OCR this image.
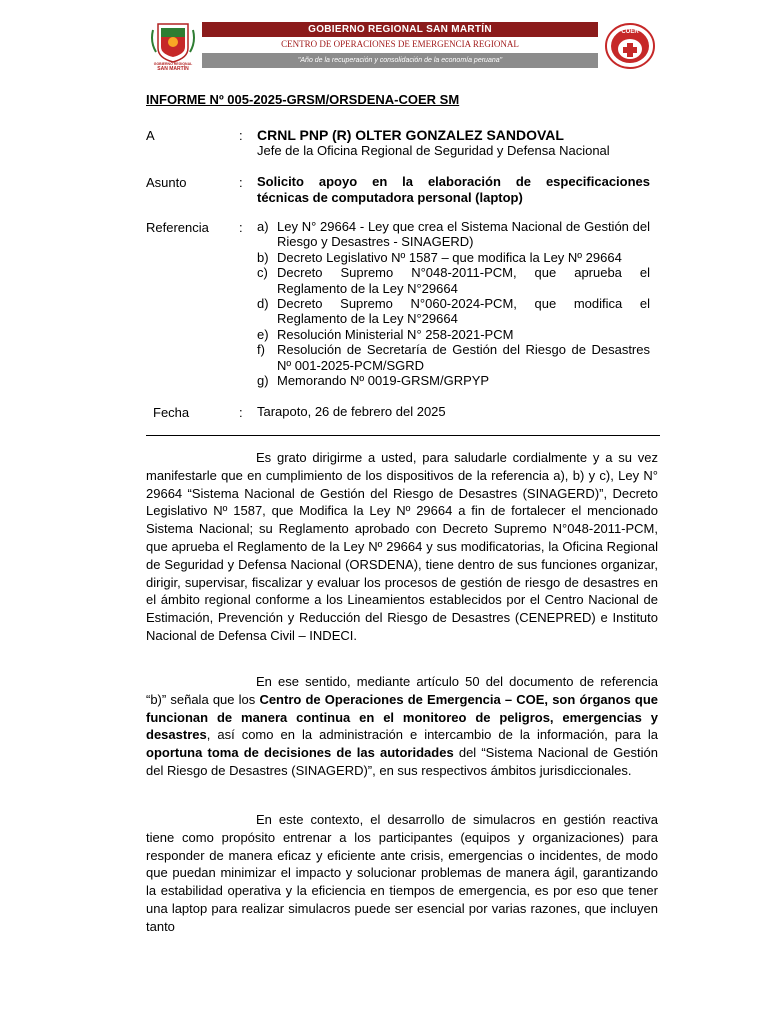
GOBIERNO REGIONAL
SAN MARTÍN
GOBIERNO REGIONAL SAN MARTÍN
CENTRO DE OPERACIONES DE EMERGENCIA REGIONAL
"Año de la recuperación y consolidación de la economía peruana"
COER
INFORME Nº 005-2025-GRSM/ORSDENA-COER SM
A	: CRNL PNP (R) OLTER GONZALEZ SANDOVAL
Jefe de la Oficina Regional de Seguridad y Defensa Nacional
Asunto	: Solicito apoyo en la elaboración de especificaciones
técnicas de computadora personal (laptop)
Referencia : a) Ley N° 29664 - Ley que crea el Sistema Nacional de Gestión del Riesgo y Desastres - SINAGERD)
b) Decreto Legislativo Nº 1587 – que modifica la Ley Nº 29664
c) Decreto Supremo N°048-2011-PCM, que aprueba el Reglamento de la Ley N°29664
d) Decreto Supremo N°060-2024-PCM, que modifica el Reglamento de la Ley N°29664
e) Resolución Ministerial N° 258-2021-PCM
f) Resolución de Secretaría de Gestión del Riesgo de Desastres Nº 001-2025-PCM/SGRD
g) Memorando Nº 0019-GRSM/GRPYP
Fecha	: Tarapoto, 26 de febrero del 2025

Es grato dirigirme a usted, para saludarle cordialmente y a su vez manifestarle que en cumplimiento de los dispositivos de la referencia a), b) y c), Ley N° 29664 “Sistema Nacional de Gestión del Riesgo de Desastres (SINAGERD)”, Decreto Legislativo Nº 1587, que Modifica la Ley Nº 29664 a fin de fortalecer el mencionado Sistema Nacional; su Reglamento aprobado con Decreto Supremo N°048-2011-PCM, que aprueba el Reglamento de la Ley Nº 29664 y sus modificatorias, la Oficina Regional de Seguridad y Defensa Nacional (ORSDENA), tiene dentro de sus funciones organizar, dirigir, supervisar, fiscalizar y evaluar los procesos de gestión de riesgo de desastres en el ámbito regional conforme a los Lineamientos establecidos por el Centro Nacional de Estimación, Prevención y Reducción del Riesgo de Desastres (CENEPRED) e Instituto Nacional de Defensa Civil – INDECI.

En ese sentido, mediante artículo 50 del documento de referencia “b)” señala que los Centro de Operaciones de Emergencia – COE, son órganos que funcionan de manera continua en el monitoreo de peligros, emergencias y desastres, así como en la administración e intercambio de la información, para la oportuna toma de decisiones de las autoridades del “Sistema Nacional de Gestión del Riesgo de Desastres (SINAGERD)”, en sus respectivos ámbitos jurisdiccionales.

En este contexto, el desarrollo de simulacros en gestión reactiva tiene como propósito entrenar a los participantes (equipos y organizaciones) para responder de manera eficaz y eficiente ante crisis, emergencias o incidentes, de modo que puedan minimizar el impacto y solucionar problemas de manera ágil, garantizando la estabilidad operativa y la eficiencia en tiempos de emergencia, es por eso que tener una laptop para realizar simulacros puede ser esencial por varias razones, que incluyen tanto
